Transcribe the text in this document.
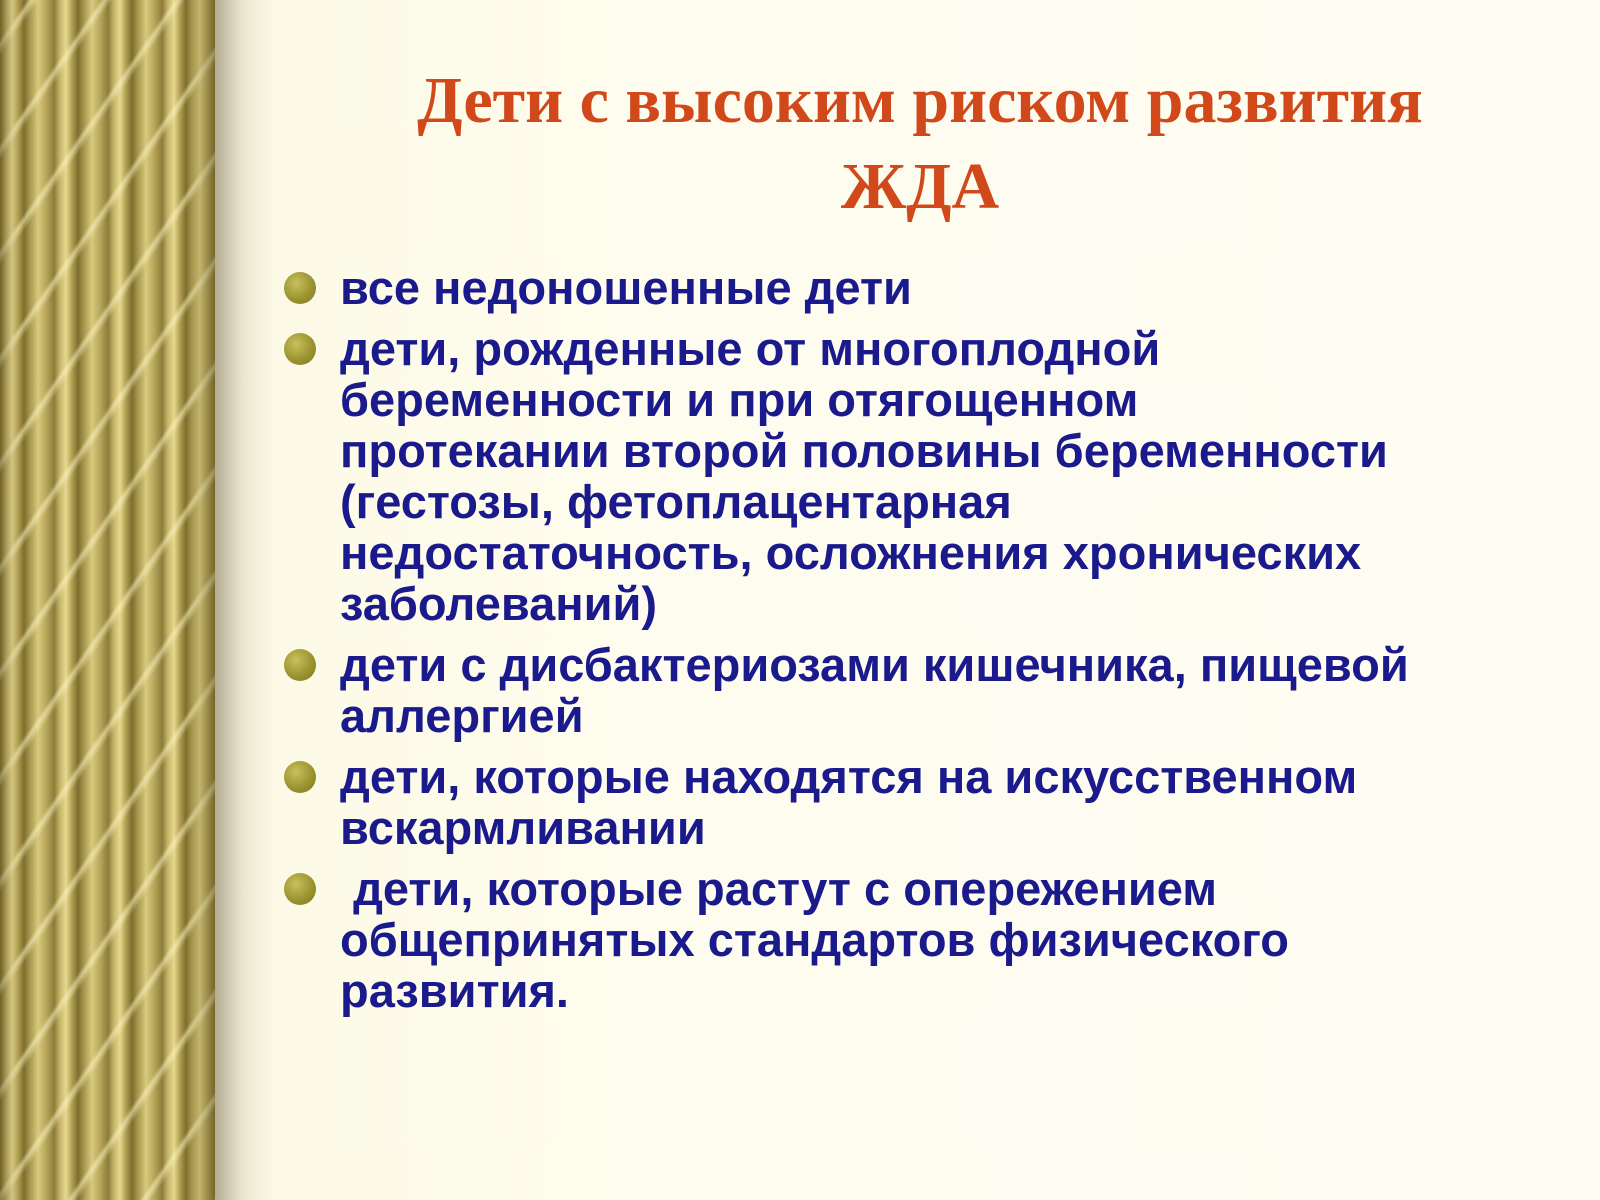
Дети с высоким риском развития
ЖДА
все недоношенные дети
дети, рожденные от многоплодной
беременности и при отягощенном
протекании второй половины беременности
(гестозы, фетоплацентарная
недостаточность, осложнения хронических
заболеваний)
дети с дисбактериозами кишечника, пищевой
аллергией
дети, которые находятся на искусственном
вскармливании
дети, которые растут с опережением
общепринятых стандартов физического
развития.
